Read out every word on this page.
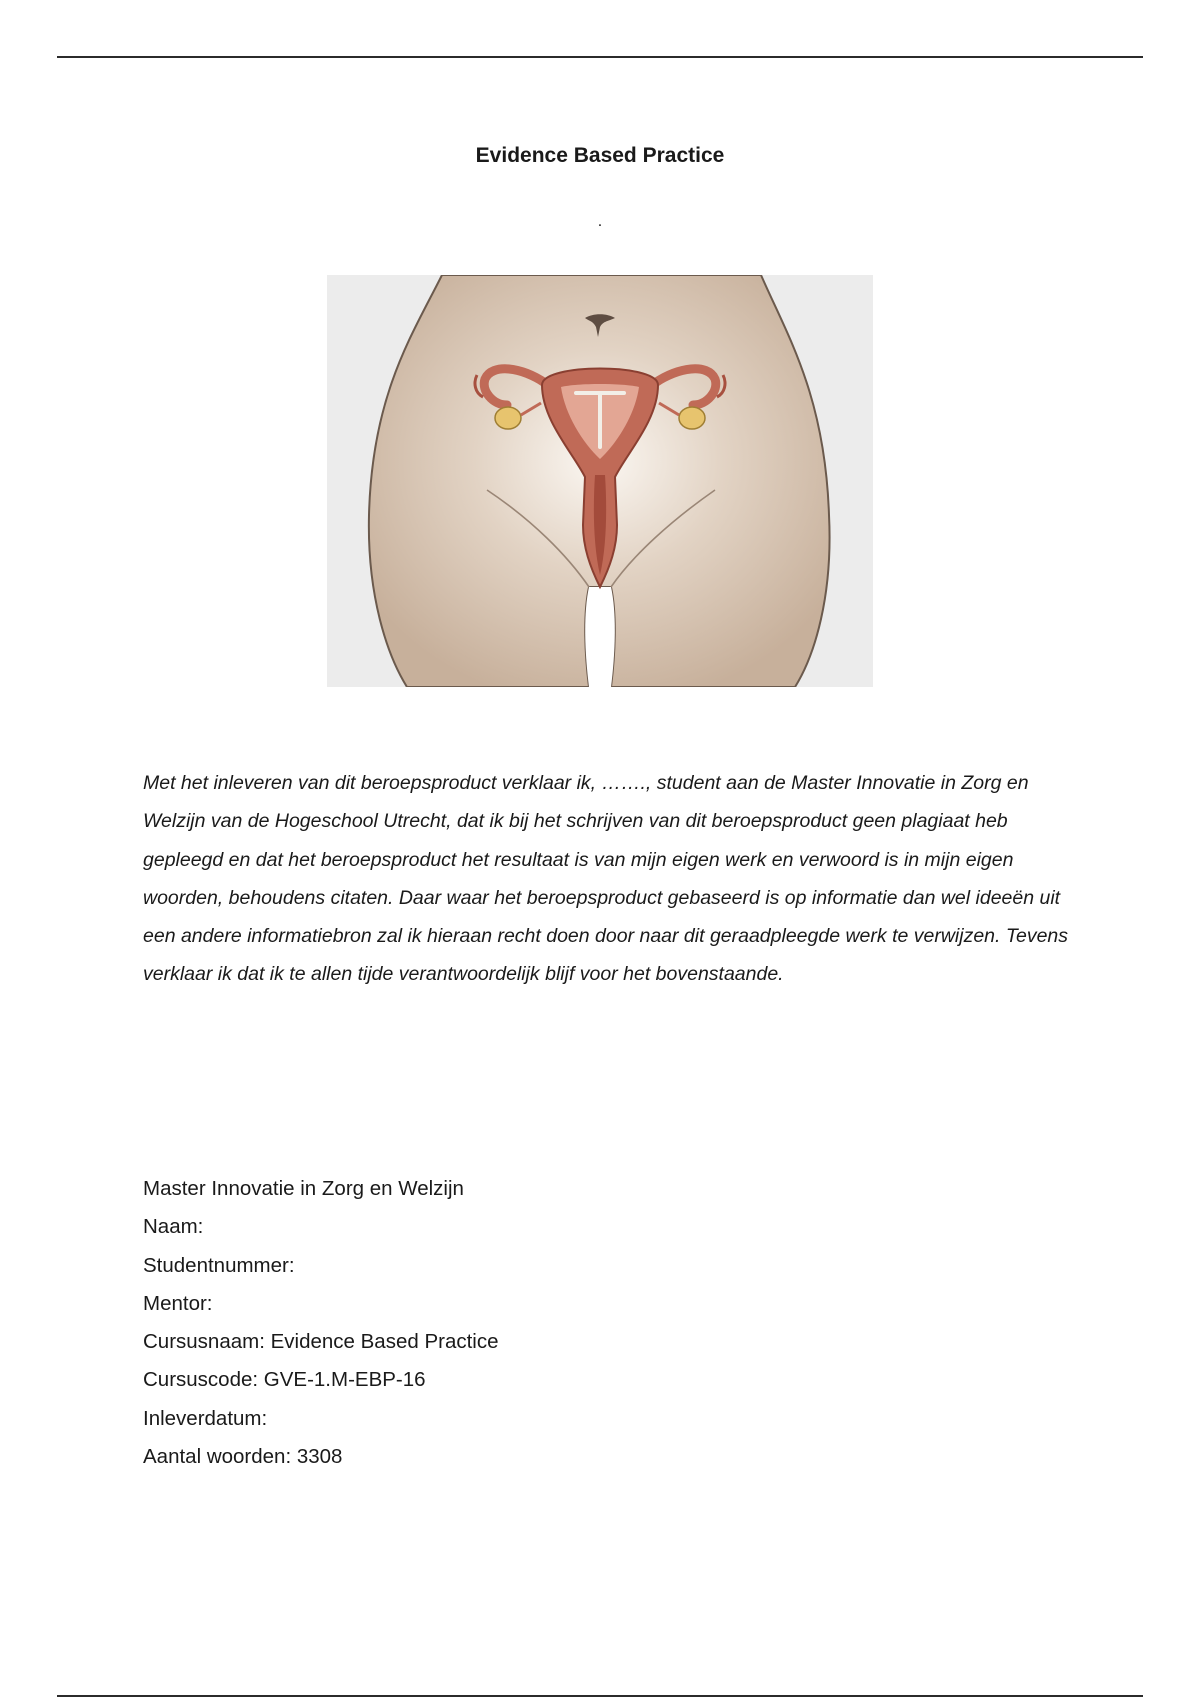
Evidence Based Practice
.

Met het inleveren van dit beroepsproduct verklaar ik, ……., student aan de Master Innovatie in Zorg en Welzijn van de Hogeschool Utrecht, dat ik bij het schrijven van dit beroepsproduct geen plagiaat heb gepleegd en dat het beroepsproduct het resultaat is van mijn eigen werk en verwoord is in mijn eigen woorden, behoudens citaten. Daar waar het beroepsproduct gebaseerd is op informatie dan wel ideeën uit een andere informatiebron zal ik hieraan recht doen door naar dit geraadpleegde werk te verwijzen. Tevens verklaar ik dat ik te allen tijde verantwoordelijk blijf voor het bovenstaande.

Master Innovatie in Zorg en Welzijn
Naam:
Studentnummer:
Mentor:
Cursusnaam: Evidence Based Practice
Cursuscode: GVE-1.M-EBP-16
Inleverdatum:
Aantal woorden: 3308
